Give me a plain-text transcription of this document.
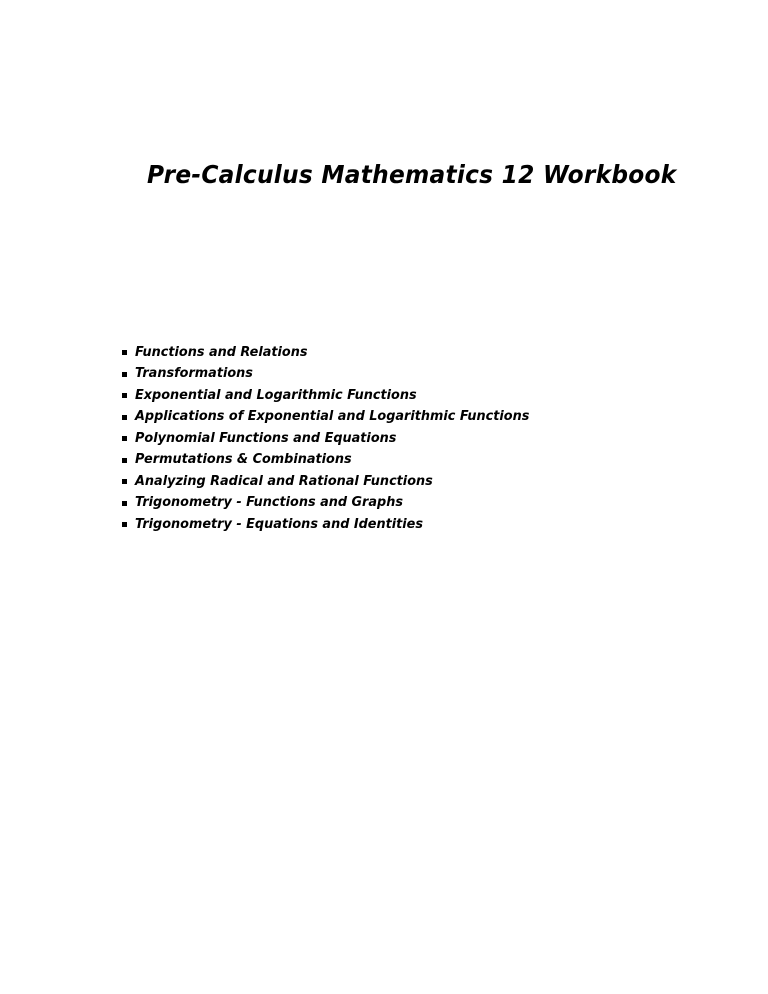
Pre-Calculus Mathematics 12 Workbook
Functions and Relations
Transformations
Exponential and Logarithmic Functions
Applications of Exponential and Logarithmic Functions
Polynomial Functions and Equations
Permutations & Combinations
Analyzing Radical and Rational Functions
Trigonometry - Functions and Graphs
Trigonometry - Equations and Identities
